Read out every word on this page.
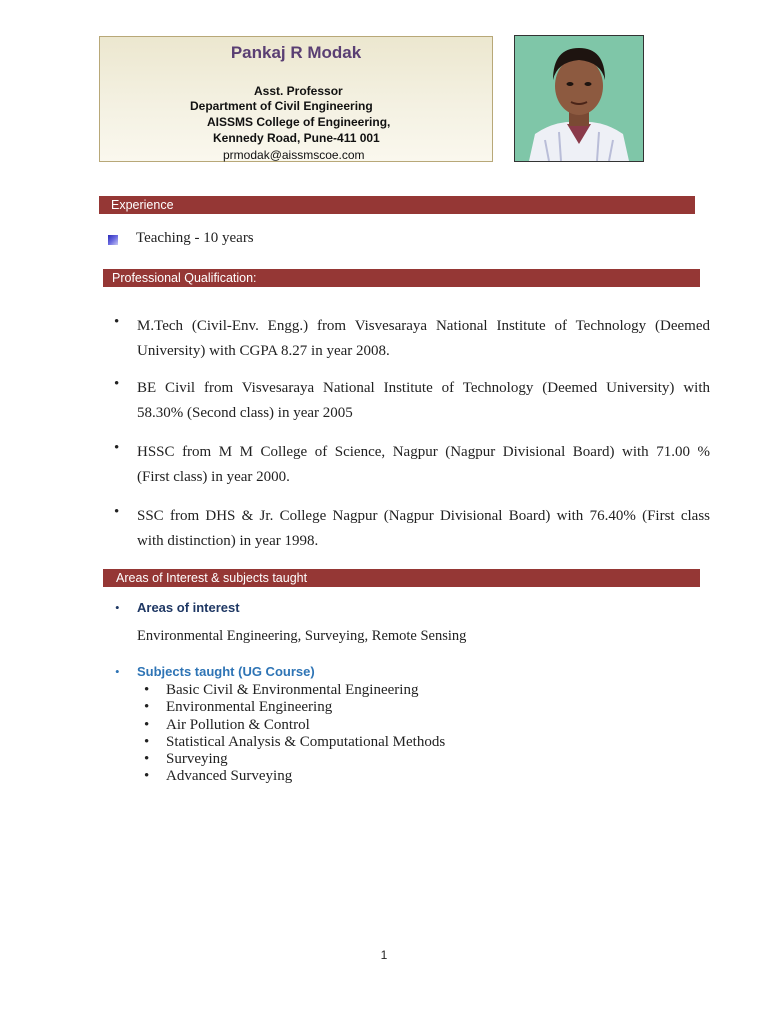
Pankaj R Modak
Asst. Professor
Department of Civil Engineering
AISSMS College of Engineering,
Kennedy Road, Pune-411 001
prmodak@aissmscoe.com
Experience
Teaching - 10 years
Professional Qualification:
• M.Tech (Civil-Env. Engg.) from Visvesaraya National Institute of Technology (Deemed
University) with CGPA 8.27 in year 2008.
• BE Civil from Visvesaraya National Institute of Technology (Deemed University) with
58.30% (Second class) in year 2005
• HSSC from M M College of Science, Nagpur (Nagpur Divisional Board) with 71.00 %
(First class) in year 2000.
• SSC from DHS & Jr. College Nagpur (Nagpur Divisional Board) with 76.40% (First class
with distinction) in year 1998.
Areas of Interest & subjects taught
• Areas of interest
Environmental Engineering, Surveying, Remote Sensing
• Subjects taught (UG Course)
• Basic Civil & Environmental Engineering
• Environmental Engineering
• Air Pollution & Control
• Statistical Analysis & Computational Methods
• Surveying
• Advanced Surveying
1
